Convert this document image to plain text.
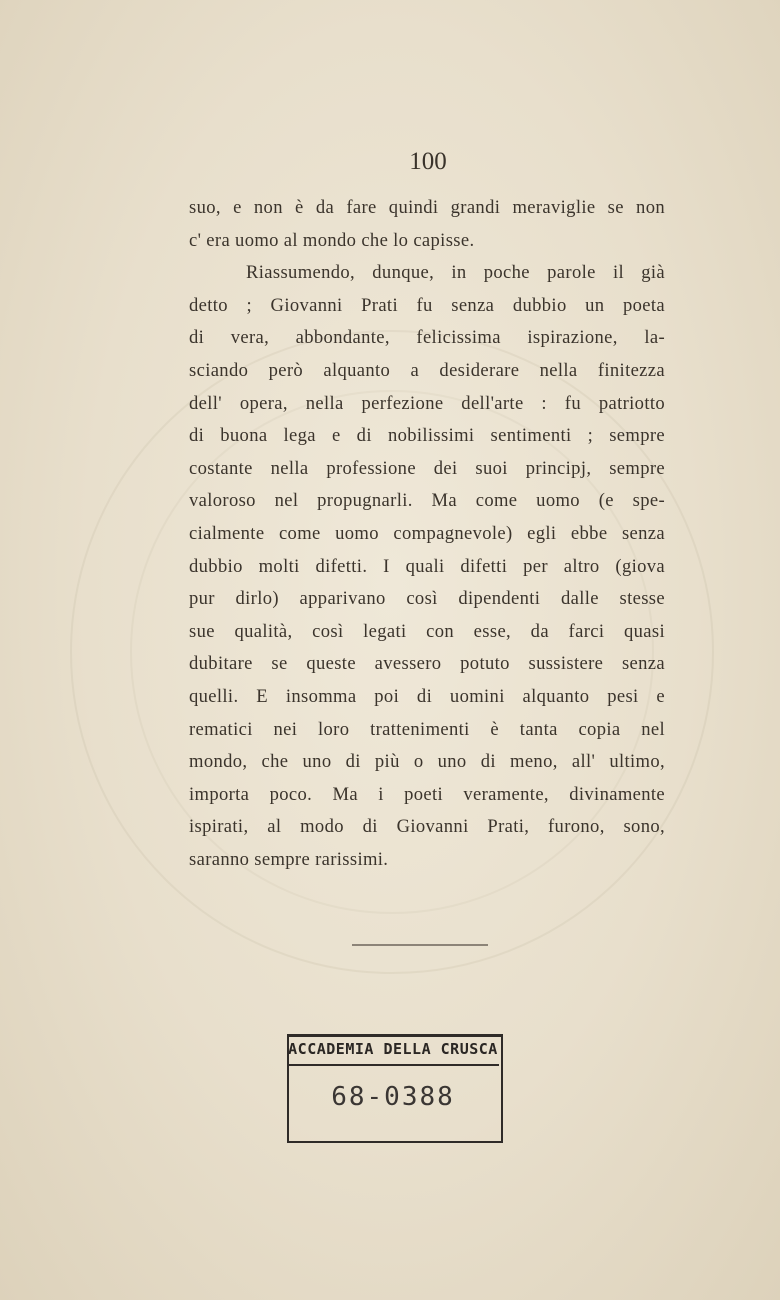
100
suo, e non è da fare quindi grandi meraviglie se non
c' era uomo al mondo che lo capisse.
Riassumendo, dunque, in poche parole il già
detto ; Giovanni Prati fu senza dubbio un poeta
di vera, abbondante, felicissima ispirazione, la-
sciando però alquanto a desiderare nella finitezza
dell' opera, nella perfezione dell'arte : fu patriotto
di buona lega e di nobilissimi sentimenti ; sempre
costante nella professione dei suoi principj, sempre
valoroso nel propugnarli. Ma come uomo (e spe-
cialmente come uomo compagnevole) egli ebbe senza
dubbio molti difetti. I quali difetti per altro (giova
pur dirlo) apparivano così dipendenti dalle stesse
sue qualità, così legati con esse, da farci quasi
dubitare se queste avessero potuto sussistere senza
quelli. E insomma poi di uomini alquanto pesi e
rematici nei loro trattenimenti è tanta copia nel
mondo, che uno di più o uno di meno, all' ultimo,
importa poco. Ma i poeti veramente, divinamente
ispirati, al modo di Giovanni Prati, furono, sono,
saranno sempre rarissimi.
ACCADEMIA DELLA CRUSCA
68-0388
